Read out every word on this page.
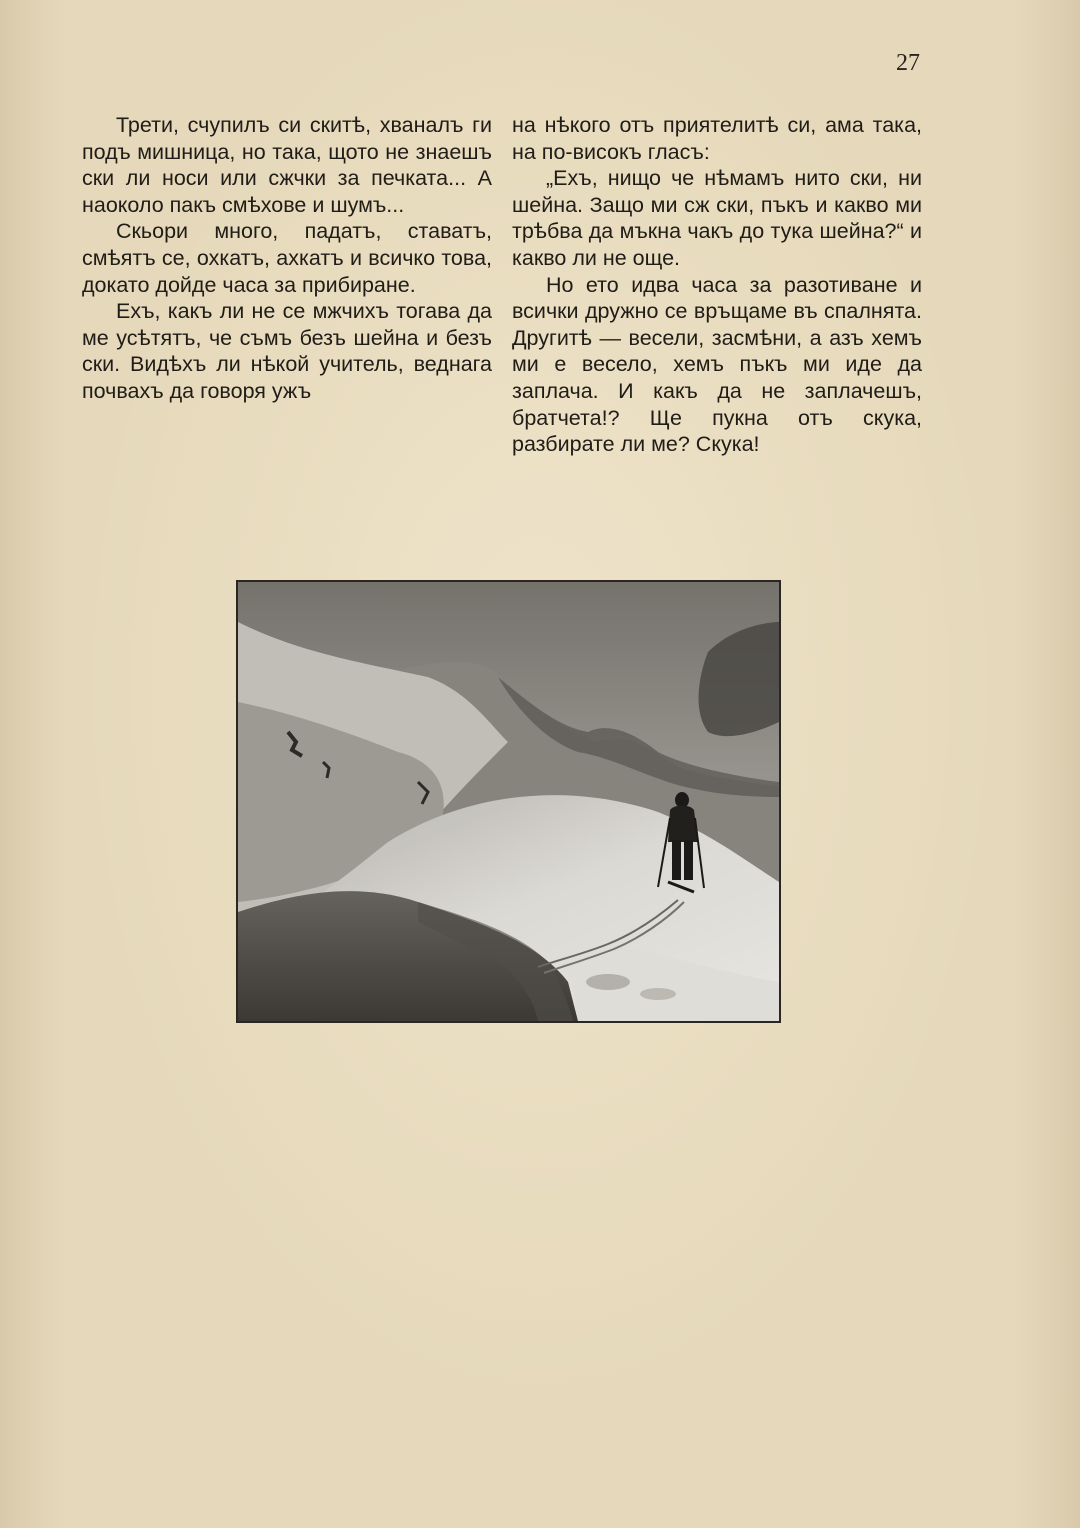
27

Трети, счупилъ си скитѣ, хваналъ ги подъ мишница, но така, щото не знаешъ ски ли носи или сжчки за печката... А наоколо пакъ смѣхове и шумъ...

Скьори много, падатъ, ставатъ, смѣятъ се, охкатъ, ахкатъ и всичко това, докато дойде часа за прибиране.

Ехъ, какъ ли не се мжчихъ тогава да ме усѣтятъ, че съмъ безъ шейна и безъ ски. Видѣхъ ли нѣкой учитель, веднага почвахъ да говоря ужъ

на нѣкого отъ приятелитѣ си, ама така, на по-високъ гласъ:

„Ехъ, нищо че нѣмамъ нито ски, ни шейна. Защо ми сж ски, пъкъ и какво ми трѣбва да мъкна чакъ до тука шейна?“ и какво ли не още.

Но ето идва часа за разотиване и всички дружно се връщаме въ спалнята. Другитѣ — весели, засмѣни, а азъ хемъ ми е весело, хемъ пъкъ ми иде да заплача. И какъ да не заплачешъ, братчета!? Ще пукна отъ скука, разбирате ли ме? Скука!
